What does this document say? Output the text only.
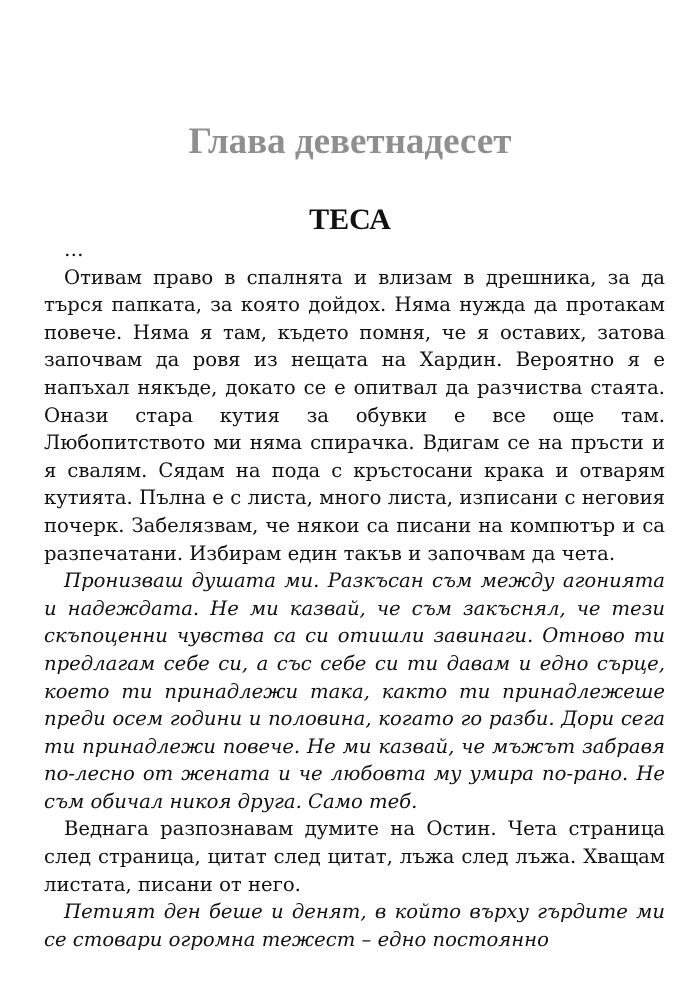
Глава деветнадесет
ТЕСА

…

Отивам право в спалнята и влизам в дрешника, за да търся папката, за която дойдох. Няма нужда да протакам повече. Няма я там, където помня, че я оставих, затова започвам да ровя из нещата на Хардин. Вероятно я е напъхал някъде, докато се е опитвал да разчиства стаята. Онази стара кутия за обувки е все още там. Любопитството ми няма спирачка. Вдигам се на пръсти и я свалям. Сядам на пода с кръстосани крака и отварям кутията. Пълна е с листа, много листа, изписани с неговия почерк. Забелязвам, че някои са писани на компютър и са разпечатани. Избирам един такъв и започвам да чета.

Пронизваш душата ми. Разкъсан съм между агонията и надеждата. Не ми казвай, че съм закъснял, че тези скъпоценни чувства са си отишли завинаги. Отново ти предлагам себе си, а със себе си ти давам и едно сърце, което ти принадлежи така, както ти принадлежеше преди осем години и половина, когато го разби. Дори сега ти принадлежи повече. Не ми казвай, че мъжът забравя по-лесно от жената и че любовта му умира по-рано. Не съм обичал никоя друга. Само теб.

Веднага разпознавам думите на Остин. Чета страница след страница, цитат след цитат, лъжа след лъжа. Хващам листата, писани от него.

Петият ден беше и денят, в който върху гърдите ми се стовари огромна тежест – едно постоянно
